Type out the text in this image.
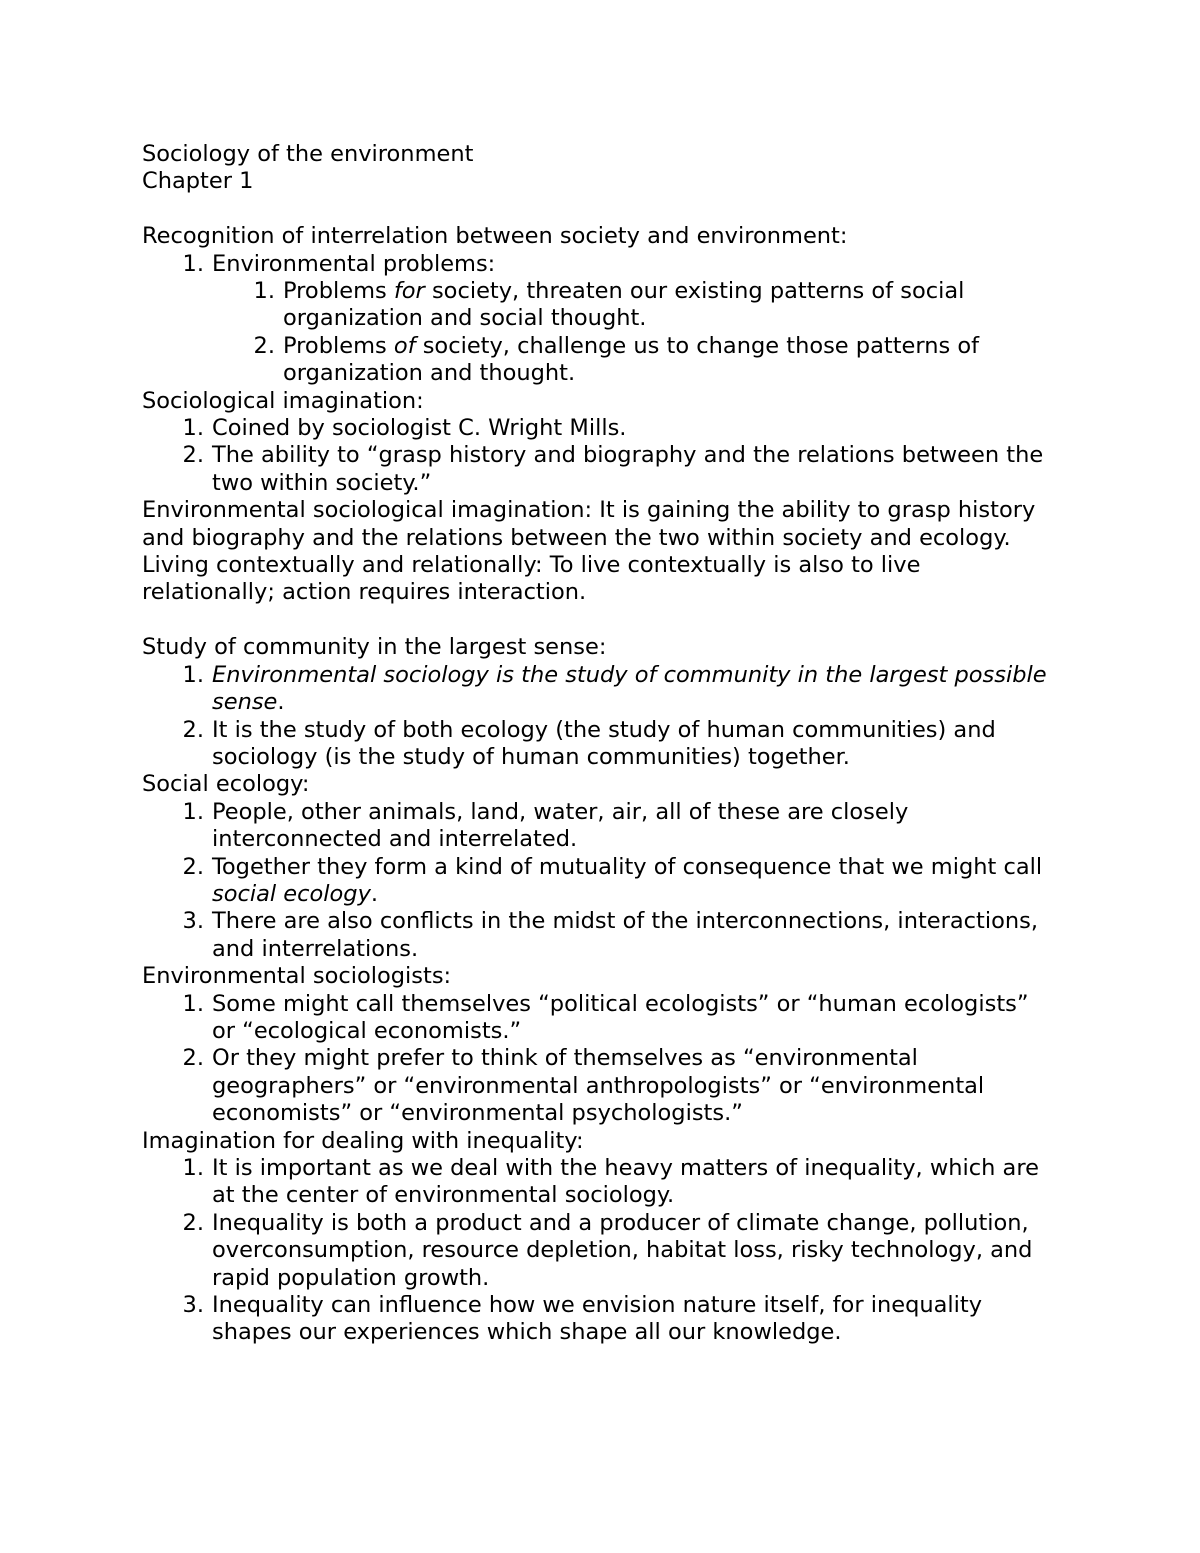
Sociology of the environment

Chapter 1

Recognition of interrelation between society and environment:

1. Environmental problems:
1. Problems for society, threaten our existing patterns of social organization and social thought.
2. Problems of society, challenge us to change those patterns of organization and thought.

Sociological imagination:

1. Coined by sociologist C. Wright Mills.
2. The ability to “grasp history and biography and the relations between the two within society.”

Environmental sociological imagination: It is gaining the ability to grasp history and biography and the relations between the two within society and ecology.

Living contextually and relationally: To live contextually is also to live relationally; action requires interaction.

Study of community in the largest sense:

1. Environmental sociology is the study of community in the largest possible sense.
2. It is the study of both ecology (the study of human communities) and sociology (is the study of human communities) together.

Social ecology:

1. People, other animals, land, water, air, all of these are closely interconnected and interrelated.
2. Together they form a kind of mutuality of consequence that we might call social ecology.
3. There are also conflicts in the midst of the interconnections, interactions, and interrelations.

Environmental sociologists:

1. Some might call themselves “political ecologists” or “human ecologists” or “ecological economists.”
2. Or they might prefer to think of themselves as “environmental geographers” or “environmental anthropologists” or “environmental economists” or “environmental psychologists.”

Imagination for dealing with inequality:

1. It is important as we deal with the heavy matters of inequality, which are at the center of environmental sociology.
2. Inequality is both a product and a producer of climate change, pollution, overconsumption, resource depletion, habitat loss, risky technology, and rapid population growth.
3. Inequality can influence how we envision nature itself, for inequality shapes our experiences which shape all our knowledge.
